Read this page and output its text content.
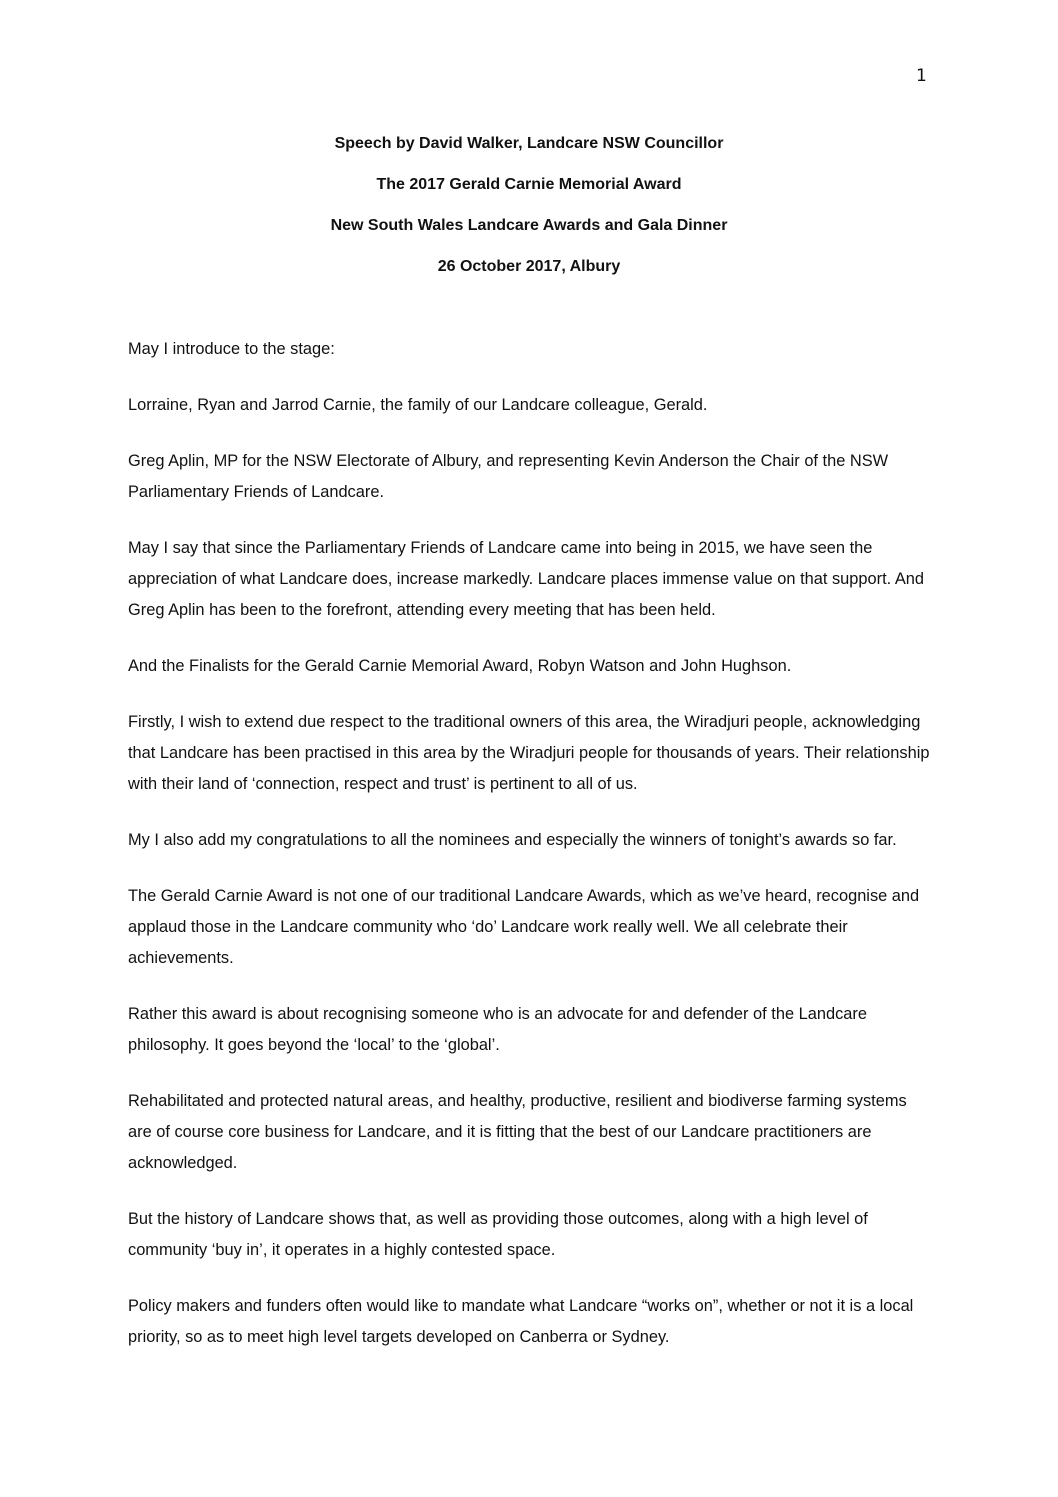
1
Speech by David Walker, Landcare NSW Councillor
The 2017 Gerald Carnie Memorial Award
New South Wales Landcare Awards and Gala Dinner
26 October 2017, Albury

May I introduce to the stage:

Lorraine, Ryan and Jarrod Carnie, the family of our Landcare colleague, Gerald.

Greg Aplin, MP for the NSW Electorate of Albury, and representing Kevin Anderson the Chair of the NSW Parliamentary Friends of Landcare.

May I say that since the Parliamentary Friends of Landcare came into being in 2015, we have seen the appreciation of what Landcare does, increase markedly. Landcare places immense value on that support. And Greg Aplin has been to the forefront, attending every meeting that has been held.

And the Finalists for the Gerald Carnie Memorial Award, Robyn Watson and John Hughson.

Firstly, I wish to extend due respect to the traditional owners of this area, the Wiradjuri people, acknowledging that Landcare has been practised in this area by the Wiradjuri people for thousands of years. Their relationship with their land of ‘connection, respect and trust’ is pertinent to all of us.

My I also add my congratulations to all the nominees and especially the winners of tonight’s awards so far.

The Gerald Carnie Award is not one of our traditional Landcare Awards, which as we’ve heard, recognise and applaud those in the Landcare community who ‘do’ Landcare work really well. We all celebrate their achievements.

Rather this award is about recognising someone who is an advocate for and defender of the Landcare philosophy. It goes beyond the ‘local’ to the ‘global’.

Rehabilitated and protected natural areas, and healthy, productive, resilient and biodiverse farming systems are of course core business for Landcare, and it is fitting that the best of our Landcare practitioners are acknowledged.

But the history of Landcare shows that, as well as providing those outcomes, along with a high level of community ‘buy in’, it operates in a highly contested space.

Policy makers and funders often would like to mandate what Landcare “works on”, whether or not it is a local priority, so as to meet high level targets developed on Canberra or Sydney.
